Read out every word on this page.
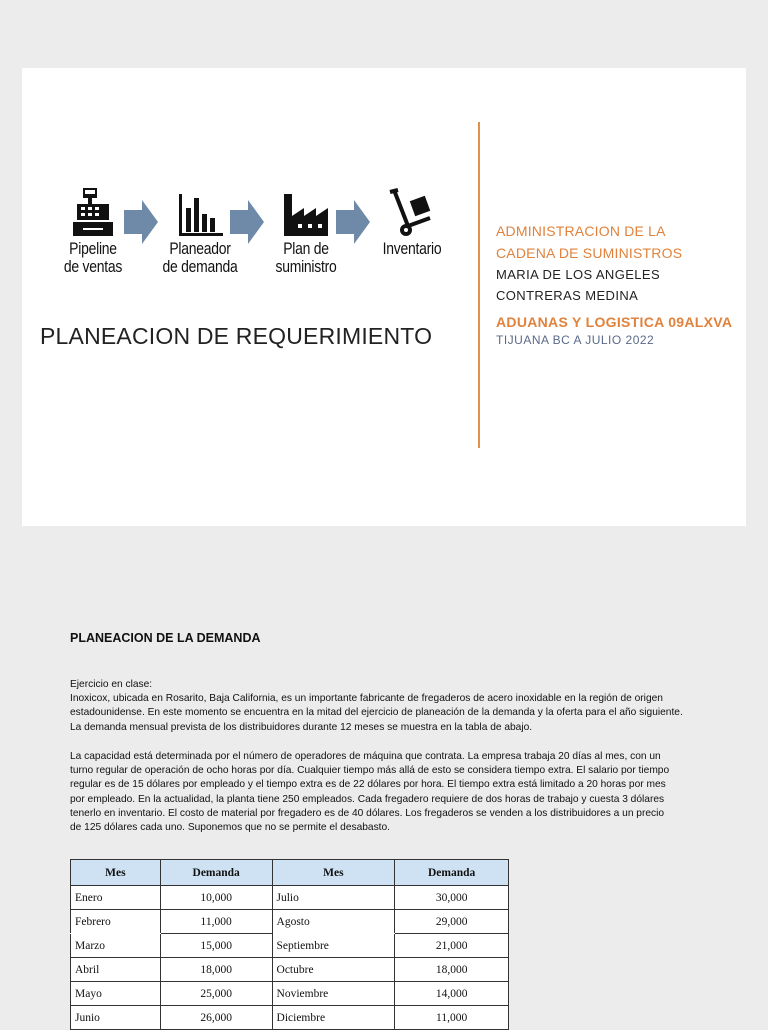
Pipeline
de ventas
Planeador
de demanda
Plan de
suministro
Inventario
PLANEACION DE REQUERIMIENTO
ADMINISTRACION DE LA
CADENA DE SUMINISTROS
MARIA DE LOS ANGELES
CONTRERAS MEDINA
ADUANAS Y LOGISTICA 09ALXVA
TIJUANA BC A JULIO 2022
PLANEACION DE LA DEMANDA
Ejercicio en clase:
Inoxicox, ubicada en Rosarito, Baja California, es un importante fabricante de fregaderos de acero inoxidable en la región de origen
estadounidense. En este momento se encuentra en la mitad del ejercicio de planeación de la demanda y la oferta para el año siguiente.
La demanda mensual prevista de los distribuidores durante 12 meses se muestra en la tabla de abajo.
La capacidad está determinada por el número de operadores de máquina que contrata. La empresa trabaja 20 días al mes, con un
turno regular de operación de ocho horas por día. Cualquier tiempo más allá de esto se considera tiempo extra. El salario por tiempo
regular es de 15 dólares por empleado y el tiempo extra es de 22 dólares por hora. El tiempo extra está limitado a 20 horas por mes
por empleado. En la actualidad, la planta tiene 250 empleados. Cada fregadero requiere de dos horas de trabajo y cuesta 3 dólares
tenerlo en inventario. El costo de material por fregadero es de 40 dólares. Los fregaderos se venden a los distribuidores a un precio
de 125 dólares cada uno. Suponemos que no se permite el desabasto.
Mes	Demanda	Mes	Demanda
Enero	10,000	Julio	30,000
Febrero	11,000	Agosto	29,000
Marzo	15,000	Septiembre	21,000
Abril	18,000	Octubre	18,000
Mayo	25,000	Noviembre	14,000
Junio	26,000	Diciembre	11,000
